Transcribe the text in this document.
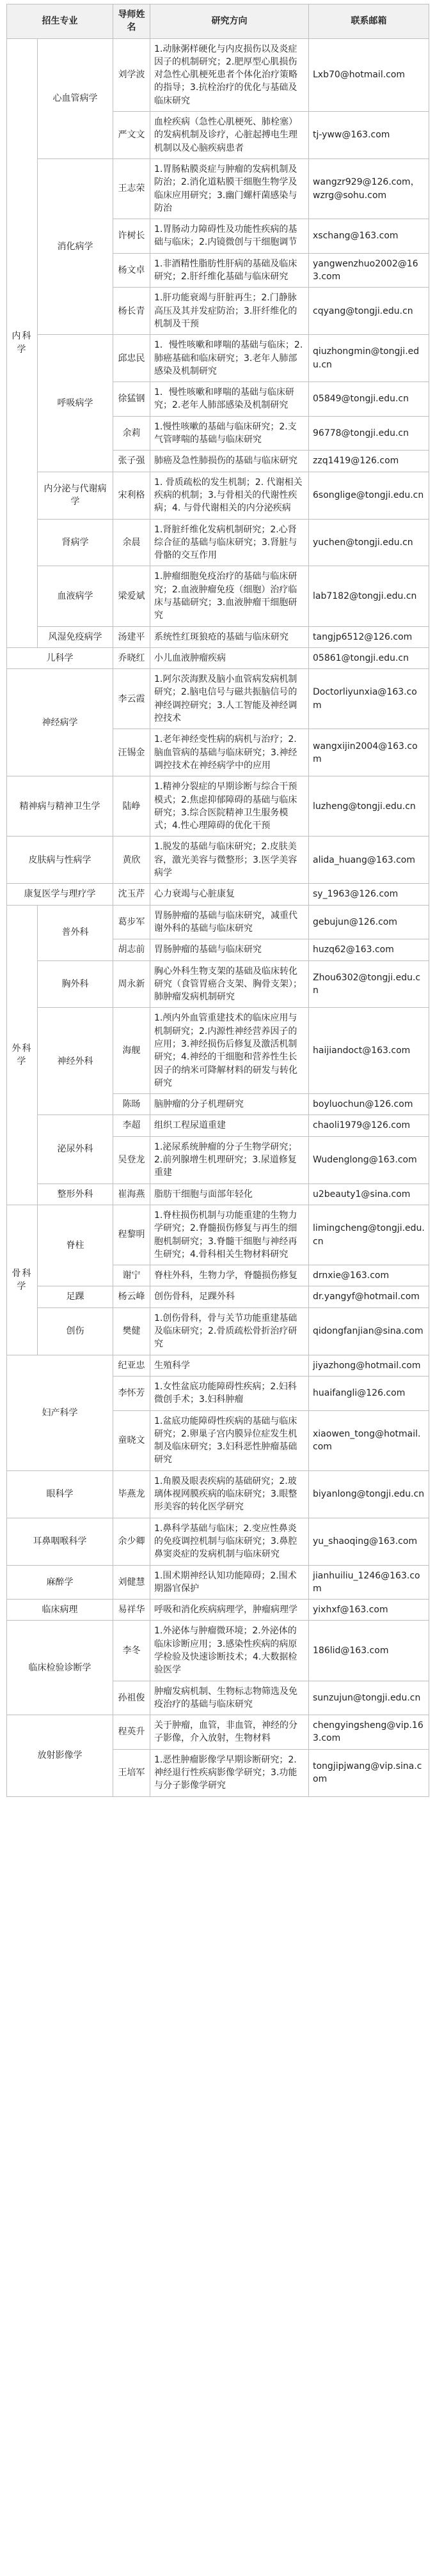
招生专业		导师姓名	研究方向	联系邮箱
内科学	心血管病学	刘学波	1.动脉粥样硬化与内皮损伤以及炎症因子的机制研究；2.肥厚型心肌损伤对急性心肌梗死患者个体化治疗策略的指导；3.抗栓治疗的优化与基础及临床研究	Lxb70@hotmail.com
		严文文	血栓疾病（急性心肌梗死、肺栓塞）的发病机制及诊疗，心脏起搏电生理机制以及心脑疾病患者	tj-yww@163.com
	消化病学	王志荣	1.胃肠粘膜炎症与肿瘤的发病机制及防治；2.消化道粘膜干细胞生物学及临床应用研究；3.幽门螺杆菌感染与防治	wangzr929@126.com，wzrg@sohu.com
		许树长	1.胃肠动力障碍性及功能性疾病的基础与临床；2.内镜微创与干细胞调节	xschang@163.com
		杨文卓	1.非酒精性脂肪性肝病的基础及临床研究；2.肝纤维化基础与临床研究	yangwenzhuo2002@163.com
		杨长青	1.肝功能衰竭与肝脏再生；2.门静脉高压及其并发症防治；3.肝纤维化的机制及干预	cqyang@tongji.edu.cn
	呼吸病学	邱忠民	1．慢性咳嗽和哮喘的基础与临床；2.肺癌基础和临床研究；3.老年人肺部感染及机制研究	qiuzhongmin@tongji.edu.cn
		徐猛钢	1．慢性咳嗽和哮喘的基础与临床研究；2.老年人肺部感染及机制研究	05849@tongji.edu.cn
		余莉	1.慢性咳嗽的基础与临床研究；2.支气管哮喘的基础与临床研究	96778@tongji.edu.cn
		张子强	肺癌及急性肺损伤的基础与临床研究	zzq1419@126.com
	内分泌与代谢病学	宋利格	1. 骨质疏松的发生机制；2. 代谢相关疾病的机制；3.与骨相关的代谢性疾病；4. 与骨代谢相关的内分泌疾病	6songlige@tongji.edu.cn
	肾病学	余晨	1.肾脏纤维化发病机制研究；2.心肾综合征的基础与临床研究；3.肾脏与骨骼的交互作用	yuchen@tongji.edu.cn
	血液病学	梁爱斌	1.肿瘤细胞免疫治疗的基础与临床研究；2.血液肿瘤免疫（细胞）治疗临床与基础研究；3.血液肿瘤干细胞研究	lab7182@tongji.edu.cn
	风湿免疫病学	汤建平	系统性红斑狼疮的基础与临床研究	tangjp6512@126.com
儿科学		乔晓红	小儿血液肿瘤疾病	05861@tongji.edu.cn
神经病学		李云霞	1.阿尔茨海默及脑小血管病发病机制研究；2.脑电信号与磁共振脑信号的神经调控研究；3.人工智能及神经调控技术	Doctorliyunxia@163.com
		汪锡金	1.老年神经变性病的病机与治疗；2.脑血管病的基础与临床研究；3.神经调控技术在神经病学中的应用	wangxijin2004@163.com
精神病与精神卫生学		陆峥	1.精神分裂症的早期诊断与综合干预模式；2.焦虑抑郁障碍的基础与临床研究；3.综合医院精神卫生服务模式；4.性心理障碍的优化干预	luzheng@tongji.edu.cn
皮肤病与性病学		黄欣	1.脱发的基础与临床研究；2.皮肤美容，激光美容与微整形；3.医学美容病学	alida_huang@163.com
康复医学与理疗学		沈玉芹	心力衰竭与心脏康复	sy_1963@126.com
外科学	普外科	葛步军	胃肠肿瘤的基础与临床研究，减重代谢外科的基础与临床研究	gebujun@126.com
		胡志前	胃肠肿瘤的基础与临床研究	huzq62@163.com
	胸外科	周永新	胸心外科生物支架的基础及临床转化研究（食管胃癌合支架、胸骨支架）；肺肿瘤发病机制研究	Zhou6302@tongji.edu.cn
	神经外科	海舰	1.颅内外血管重建技术的临床应用与机制研究；2.内源性神经营养因子的应用；3.神经损伤后修复及激活机制研究；4.神经的干细胞和营养性生长因子的纳米可降解材料的研发与转化研究	haijiandoct@163.com
		陈旸	脑肿瘤的分子机理研究	boyluochun@126.com
	泌尿外科	李超	组织工程尿道重建	chaoli1979@126.com
		吴登龙	1.泌尿系统肿瘤的分子生物学研究；2.前列腺增生机理研究；3.尿道修复重建	Wudenglong@163.com
	整形外科	崔海燕	脂肪干细胞与面部年轻化	u2beauty1@sina.com
骨科学	脊柱	程黎明	1.脊柱损伤机制与功能重建的生物力学研究；2.脊髓损伤修复与再生的细胞机制研究；3.脊髓干细胞与神经再生研究；4.骨科相关生物材料研究	limingcheng@tongji.edu.cn
		谢宁	脊柱外科，生物力学，脊髓损伤修复	drnxie@163.com
	足踝	杨云峰	创伤骨科，足踝外科	dr.yangyf@hotmail.com
	创伤	樊健	1.创伤骨科，骨与关节功能重建基础及临床研究；2.骨质疏松骨折治疗研究	qidongfanjian@sina.com
妇产科学		纪亚忠	生殖科学	jiyazhong@hotmail.com
		李怀芳	1.女性盆底功能障碍性疾病；2.妇科微创手术；3.妇科肿瘤	huaifangli@126.com
		童晓文	1.盆底功能障碍性疾病的基础与临床研究；2.卵巢子宫内膜异位症发生机制及临床研究；3.妇科恶性肿瘤基础研究	xiaowen_tong@hotmail.com
眼科学		毕燕龙	1.角膜及眼表疾病的基础研究；2.玻璃体视网膜疾病的临床研究；3.眼整形美容的转化医学研究	biyanlong@tongji.edu.cn
耳鼻咽喉科学		余少卿	1.鼻科学基础与临床；2.变应性鼻炎的免疫调控机制与临床研究；3.鼻腔鼻窦炎症的发病机制与临床研究	yu_shaoqing@163.com
麻醉学		刘健慧	1.围术期神经认知功能障碍；2.围术期器官保护	jianhuiliu_1246@163.com
临床病理		易祥华	呼吸和消化疾病病理学，肿瘤病理学	yixhxf@163.com
临床检验诊断学		李冬	1.外泌体与肿瘤微环境；2.外泌体的临床诊断应用；3.感染性疾病的病原学检验及快速诊断技术；4.大数据检验医学	186lid@163.com
		孙祖俊	肿瘤发病机制、生物标志物筛选及免疫治疗的基础与临床研究	sunzujun@tongji.edu.cn
放射影像学		程英升	关于肿瘤，血管，非血管，神经的分子影像，介入放射，生物材料	chengyingsheng@vip.163.com
		王培军	1.恶性肿瘤影像学早期诊断研究；2.神经退行性疾病影像学研究；3.功能与分子影像学研究	tongjipjwang@vip.sina.com
